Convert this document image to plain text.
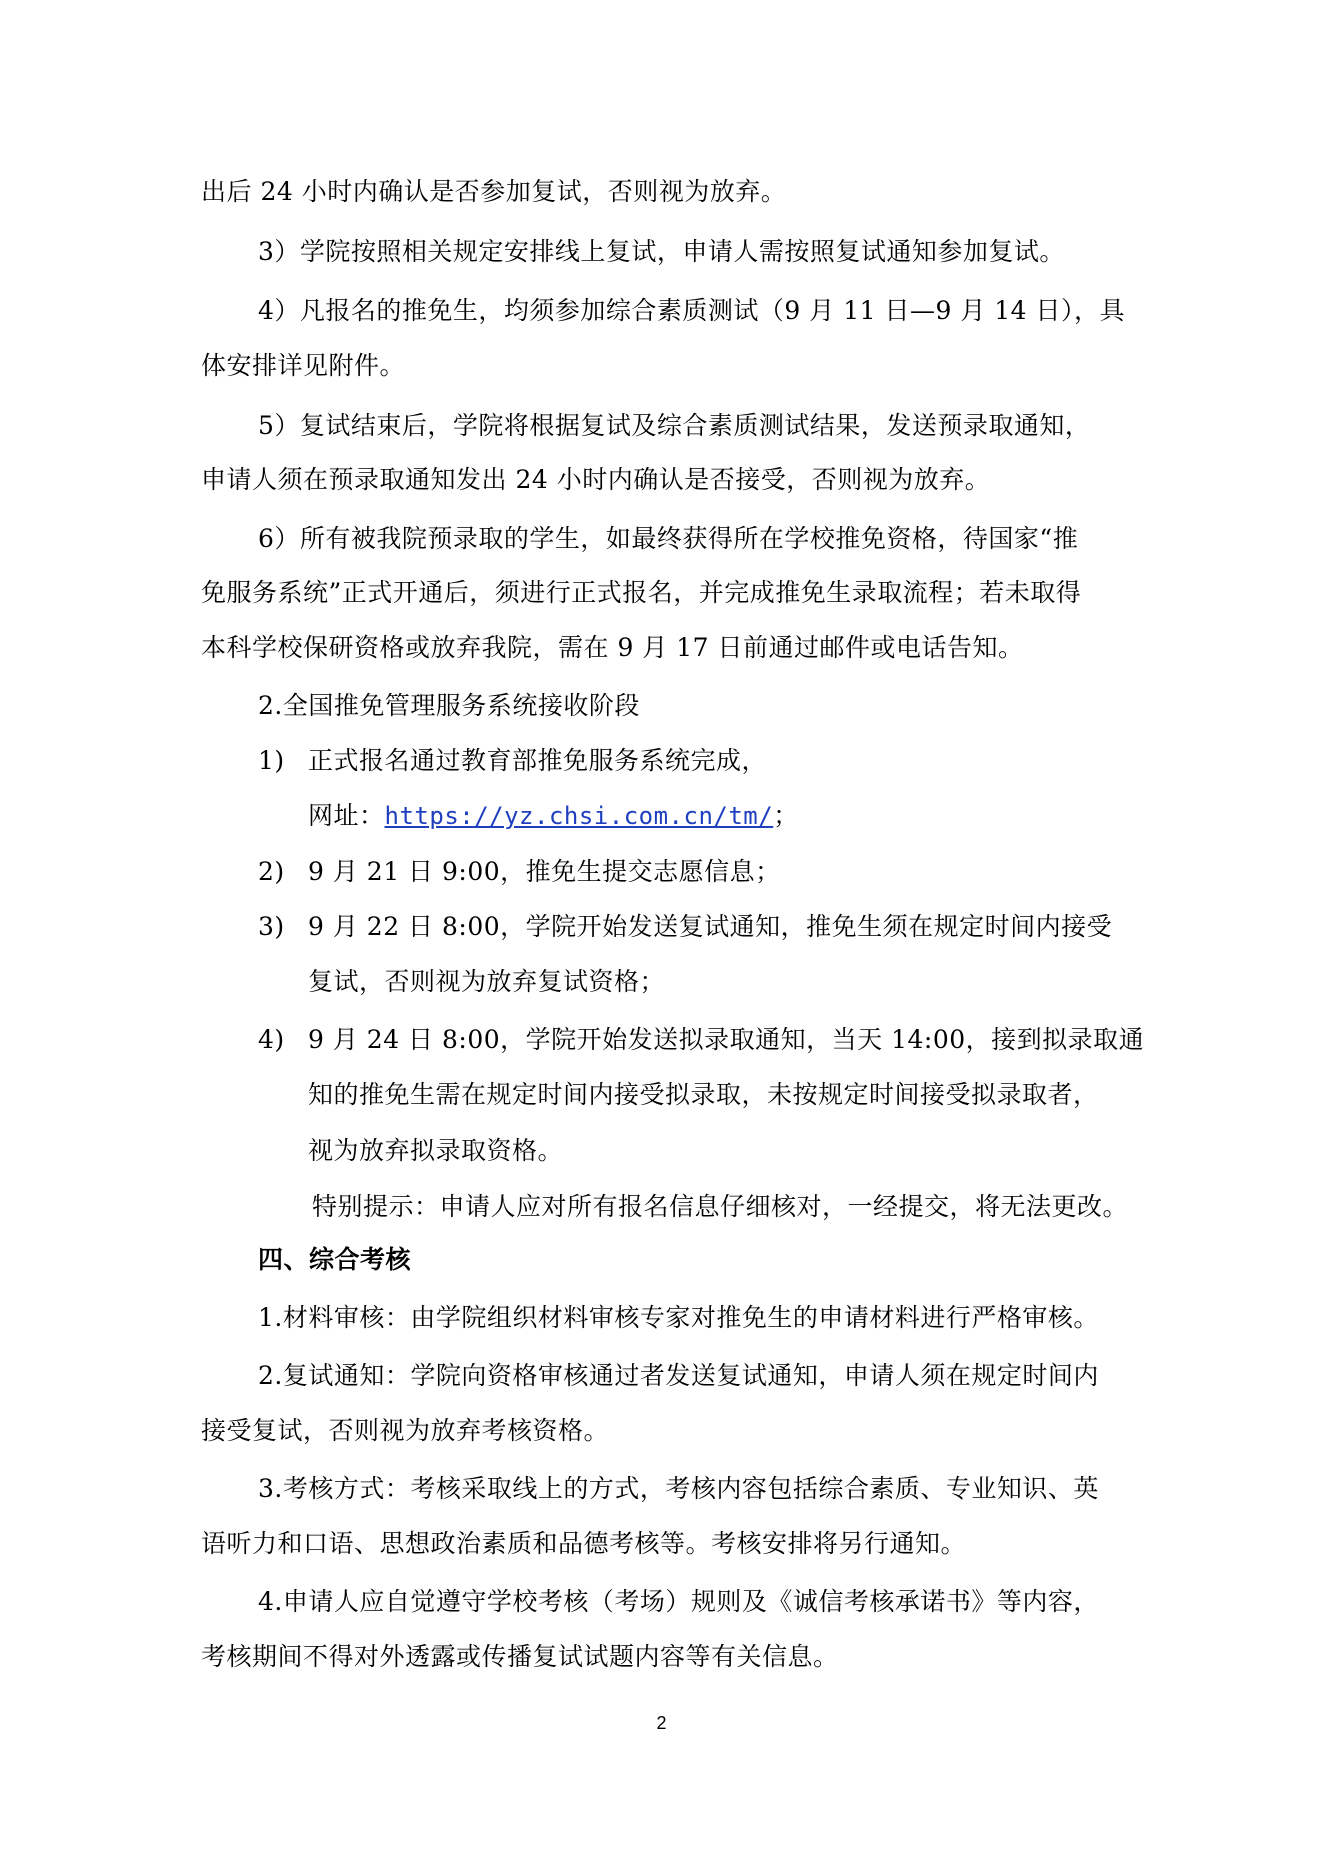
出后 24 小时内确认是否参加复试，否则视为放弃。
3）学院按照相关规定安排线上复试，申请人需按照复试通知参加复试。
4）凡报名的推免生，均须参加综合素质测试（9 月 11 日—9 月 14 日），具
体安排详见附件。
5）复试结束后，学院将根据复试及综合素质测试结果，发送预录取通知，
申请人须在预录取通知发出 24 小时内确认是否接受，否则视为放弃。
6）所有被我院预录取的学生，如最终获得所在学校推免资格，待国家“推
免服务系统”正式开通后，须进行正式报名，并完成推免生录取流程；若未取得
本科学校保研资格或放弃我院，需在 9 月 17 日前通过邮件或电话告知。
2.全国推免管理服务系统接收阶段
1) 正式报名通过教育部推免服务系统完成，
网址：https://yz.chsi.com.cn/tm/；
2) 9 月 21 日 9:00，推免生提交志愿信息；
3) 9 月 22 日 8:00，学院开始发送复试通知，推免生须在规定时间内接受
复试，否则视为放弃复试资格；
4) 9 月 24 日 8:00，学院开始发送拟录取通知，当天 14:00，接到拟录取通
知的推免生需在规定时间内接受拟录取，未按规定时间接受拟录取者，
视为放弃拟录取资格。
特别提示：申请人应对所有报名信息仔细核对，一经提交，将无法更改。
四、综合考核
1.材料审核：由学院组织材料审核专家对推免生的申请材料进行严格审核。
2.复试通知：学院向资格审核通过者发送复试通知，申请人须在规定时间内
接受复试，否则视为放弃考核资格。
3.考核方式：考核采取线上的方式，考核内容包括综合素质、专业知识、英
语听力和口语、思想政治素质和品德考核等。考核安排将另行通知。
4.申请人应自觉遵守学校考核（考场）规则及《诚信考核承诺书》等内容，
考核期间不得对外透露或传播复试试题内容等有关信息。
2
